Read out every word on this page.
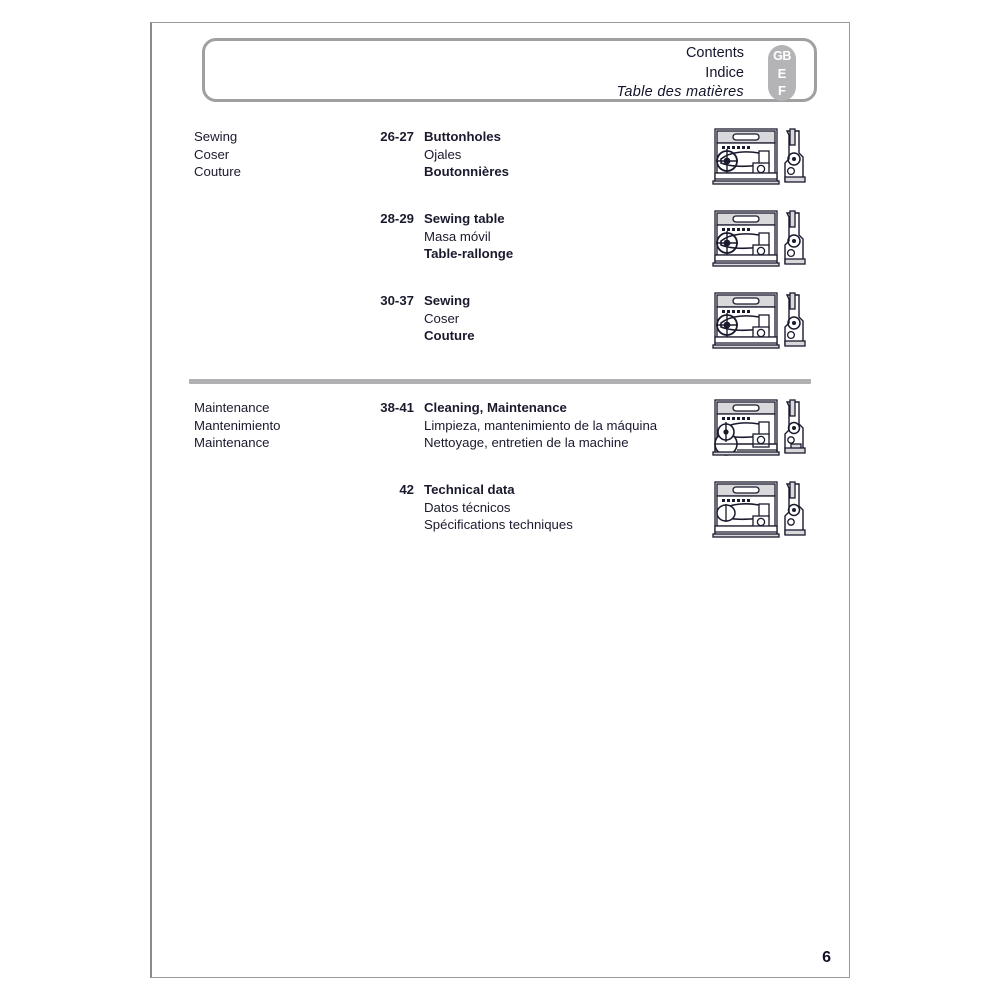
Contents
Indice
Table des matières
GB
E
F
Sewing
Coser
Couture
26-27 Buttonholes
Ojales
Boutonnières
28-29 Sewing table
Masa móvil
Table-rallonge
30-37 Sewing
Coser
Couture
Maintenance
Mantenimiento
Maintenance
38-41 Cleaning, Maintenance
Limpieza, mantenimiento de la máquina
Nettoyage, entretien de la machine
42 Technical data
Datos técnicos
Spécifications techniques
6
